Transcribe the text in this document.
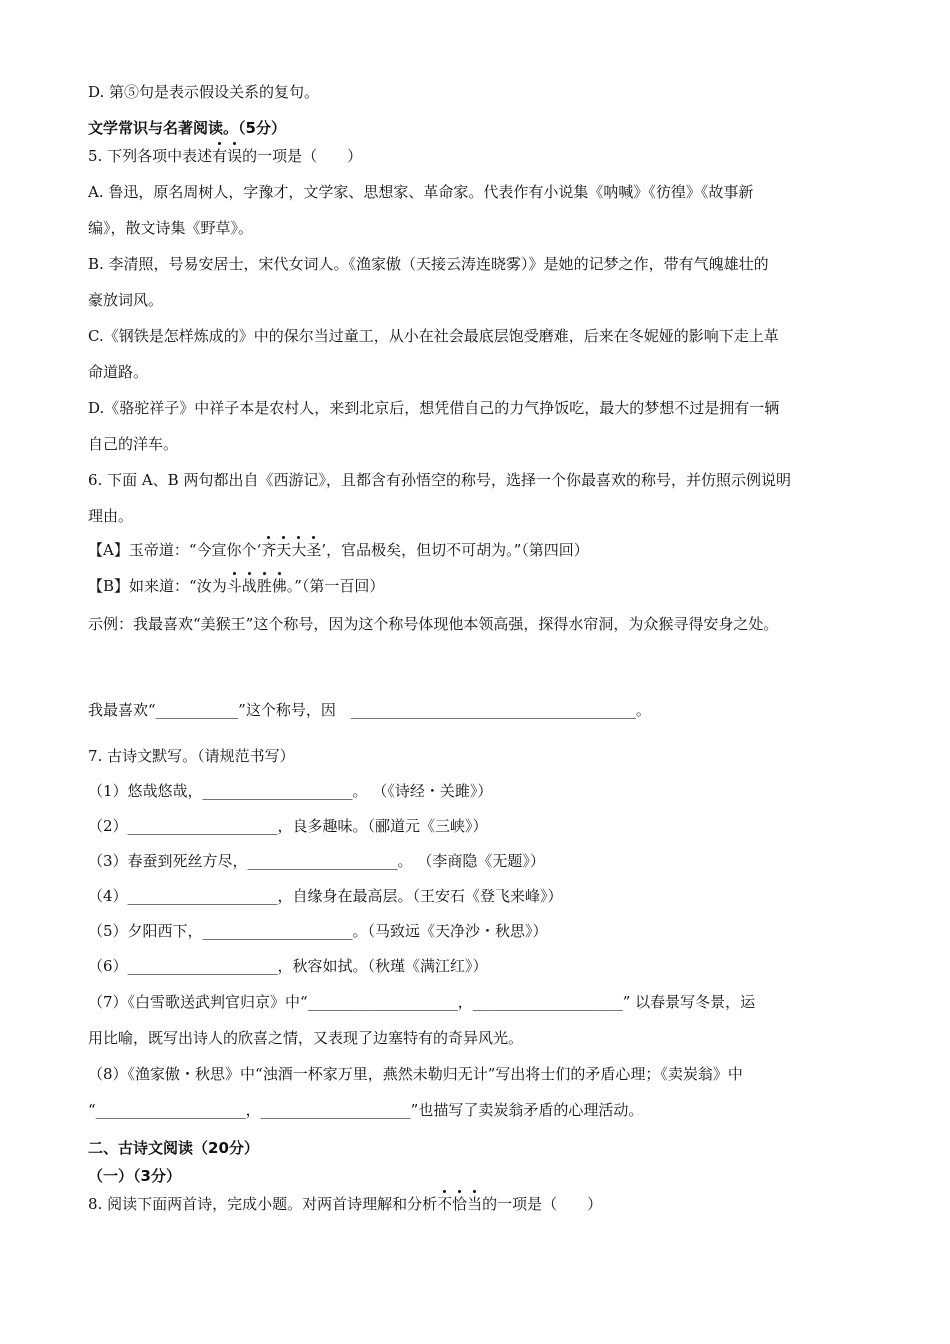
D. 第⑤句是表示假设关系的复句。
文学常识与名著阅读。（5分）
5. 下列各项中表述有误的一项是（　　）
A. 鲁迅，原名周树人，字豫才，文学家、思想家、革命家。代表作有小说集《呐喊》《彷徨》《故事新
编》，散文诗集《野草》。
B. 李清照，号易安居士，宋代女词人。《渔家傲（天接云涛连晓雾）》是她的记梦之作，带有气魄雄壮的
豪放词风。
C.《钢铁是怎样炼成的》中的保尔当过童工，从小在社会最底层饱受磨难，后来在冬妮娅的影响下走上革
命道路。
D.《骆驼祥子》中祥子本是农村人，来到北京后，想凭借自己的力气挣饭吃，最大的梦想不过是拥有一辆
自己的洋车。
6. 下面 A、B 两句都出自《西游记》，且都含有孙悟空的称号，选择一个你最喜欢的称号，并仿照示例说明
理由。
【A】玉帝道：“今宣你个‘齐天大圣’，官品极矣，但切不可胡为。”（第四回）
【B】如来道：“汝为斗战胜佛。”（第一百回）
示例：我最喜欢“美猴王”这个称号，因为这个称号体现他本领高强，探得水帘洞，为众猴寻得安身之处。
我最喜欢“___________”这个称号，因　______________________________________。
7. 古诗文默写。（请规范书写）
（1）悠哉悠哉，____________________。 （《诗经・关雎》）
（2）____________________，良多趣味。（郦道元《三峡》）
（3）春蚕到死丝方尽，____________________。 （李商隐《无题》）
（4）____________________，自缘身在最高层。（王安石《登飞来峰》）
（5）夕阳西下，____________________。（马致远《天净沙・秋思》）
（6）____________________，秋容如拭。（秋瑾《满江红》）
（7）《白雪歌送武判官归京》中“____________________，____________________” 以春景写冬景，运
用比喻，既写出诗人的欣喜之情，又表现了边塞特有的奇异风光。
（8）《渔家傲・秋思》中“浊酒一杯家万里，燕然未勒归无计”写出将士们的矛盾心理；《卖炭翁》中
“____________________，____________________”也描写了卖炭翁矛盾的心理活动。
二、古诗文阅读（20分）
（一）（3分）
8. 阅读下面两首诗，完成小题。对两首诗理解和分析不恰当的一项是（　　）
